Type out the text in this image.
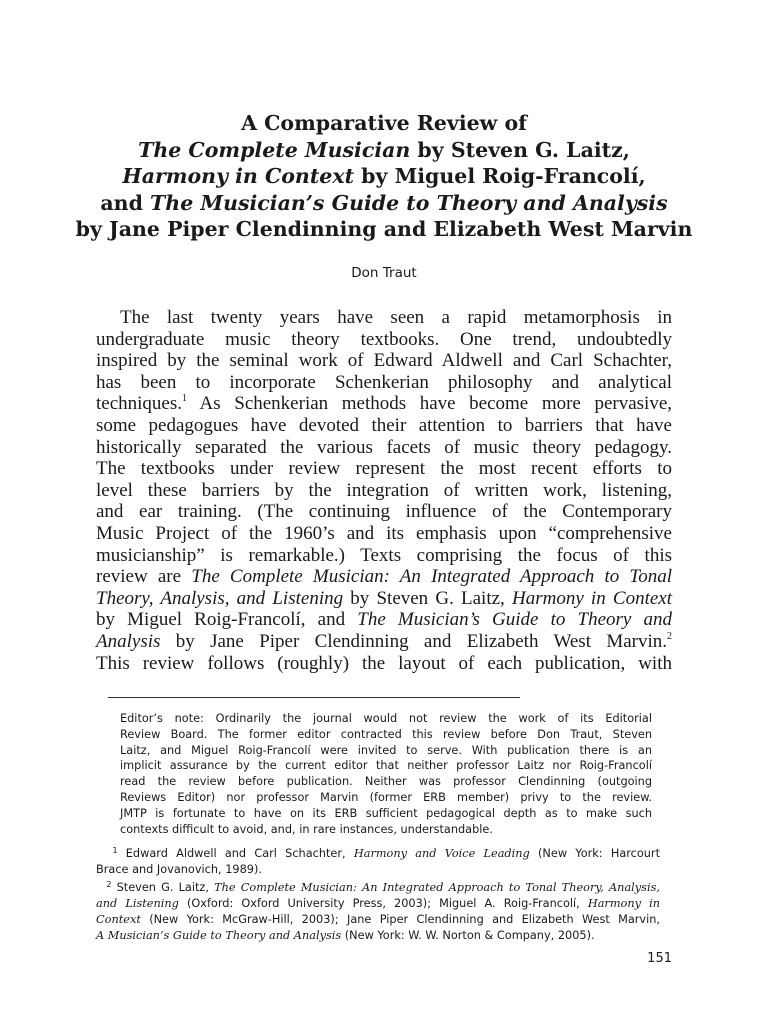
A Comparative Review of
The Complete Musician by Steven G. Laitz,
Harmony in Context by Miguel Roig-Francolí,
and The Musician’s Guide to Theory and Analysis
by Jane Piper Clendinning and Elizabeth West Marvin
Don Traut
The last twenty years have seen a rapid metamorphosis in
undergraduate music theory textbooks. One trend, undoubtedly
inspired by the seminal work of Edward Aldwell and Carl Schachter,
has been to incorporate Schenkerian philosophy and analytical
techniques.$^1$ As Schenkerian methods have become more pervasive,
some pedagogues have devoted their attention to barriers that have
historically separated the various facets of music theory pedagogy.
The textbooks under review represent the most recent efforts to
level these barriers by the integration of written work, listening,
and ear training. (The continuing influence of the Contemporary
Music Project of the 1960’s and its emphasis upon “comprehensive
musicianship” is remarkable.) Texts comprising the focus of this
review are The Complete Musician: An Integrated Approach to Tonal
Theory, Analysis, and Listening by Steven G. Laitz, Harmony in Context
by Miguel Roig-Francolí, and The Musician’s Guide to Theory and
Analysis by Jane Piper Clendinning and Elizabeth West Marvin.$^2$
This review follows (roughly) the layout of each publication, with
Editor’s note: Ordinarily the journal would not review the work of its Editorial
Review Board. The former editor contracted this review before Don Traut, Steven
Laitz, and Miguel Roig-Francolí were invited to serve. With publication there is an
implicit assurance by the current editor that neither professor Laitz nor Roig-Francolí
read the review before publication. Neither was professor Clendinning (outgoing
Reviews Editor) nor professor Marvin (former ERB member) privy to the review.
JMTP is fortunate to have on its ERB sufficient pedagogical depth as to make such
contexts difficult to avoid, and, in rare instances, understandable.
$^1$ Edward Aldwell and Carl Schachter, Harmony and Voice Leading (New York: Harcourt
Brace and Jovanovich, 1989).
$^2$ Steven G. Laitz, The Complete Musician: An Integrated Approach to Tonal Theory, Analysis,
and Listening (Oxford: Oxford University Press, 2003); Miguel A. Roig-Francolí, Harmony in
Context (New York: McGraw-Hill, 2003); Jane Piper Clendinning and Elizabeth West Marvin,
A Musician’s Guide to Theory and Analysis (New York: W. W. Norton & Company, 2005).
151
